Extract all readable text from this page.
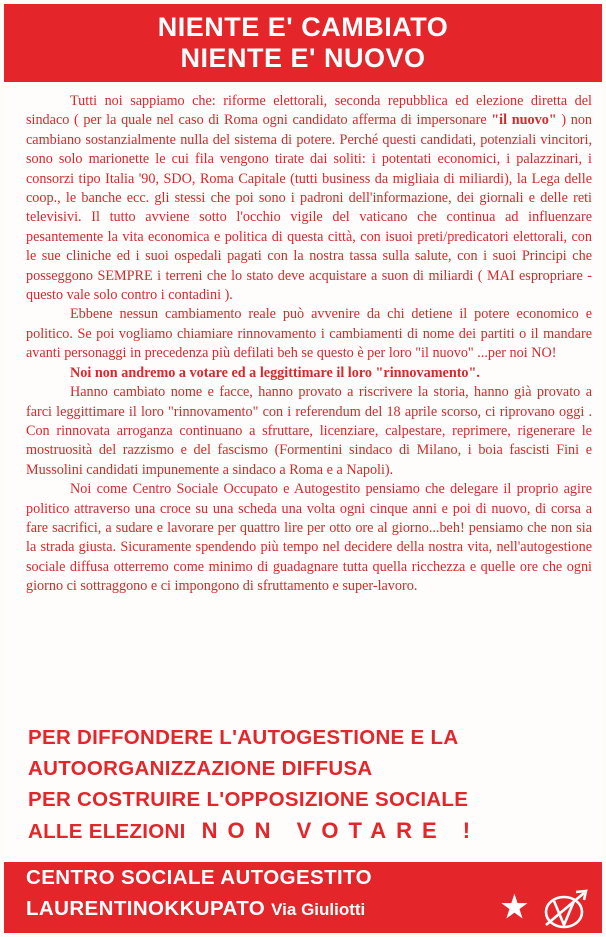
NIENTE E' CAMBIATO
NIENTE E' NUOVO

Tutti noi sappiamo che: riforme elettorali, seconda repubblica ed elezione diretta del sindaco ( per la quale nel caso di Roma ogni candidato afferma di impersonare "il nuovo" ) non cambiano sostanzialmente nulla del sistema di potere. Perché questi candidati, potenziali vincitori, sono solo marionette le cui fila vengono tirate dai soliti: i potentati economici, i palazzinari, i consorzi tipo Italia '90, SDO, Roma Capitale (tutti business da migliaia di miliardi), la Lega delle coop., le banche ecc. gli stessi che poi sono i padroni dell'informazione, dei giornali e delle reti televisivi. Il tutto avviene sotto l'occhio vigile del vaticano che continua ad influenzare pesantemente la vita economica e politica di questa città, con isuoi preti/predicatori elettorali, con le sue cliniche ed i suoi ospedali pagati con la nostra tassa sulla salute, con i suoi Principi che posseggono SEMPRE i terreni che lo stato deve acquistare a suon di miliardi ( MAI espropriare - questo vale solo contro i contadini ).

Ebbene nessun cambiamento reale può avvenire da chi detiene il potere economico e politico. Se poi vogliamo chiamiare rinnovamento i cambiamenti di nome dei partiti o il mandare avanti personaggi in precedenza più defilati beh se questo è per loro "il nuovo" ...per noi NO!

Noi non andremo a votare ed a leggittimare il loro "rinnovamento".

Hanno cambiato nome e facce, hanno provato a riscrivere la storia, hanno già provato a farci leggittimare il loro "rinnovamento" con i referendum del 18 aprile scorso, ci riprovano oggi . Con rinnovata arroganza continuano a sfruttare, licenziare, calpestare, reprimere, rigenerare le mostruosità del razzismo e del fascismo (Formentini sindaco di Milano, i boia fascisti Fini e Mussolini candidati impunemente a sindaco a Roma e a Napoli).

Noi come Centro Sociale Occupato e Autogestito pensiamo che delegare il proprio agire politico attraverso una croce su una scheda una volta ogni cinque anni e poi di nuovo, di corsa a fare sacrifici, a sudare e lavorare per quattro lire per otto ore al giorno...beh! pensiamo che non sia la strada giusta. Sicuramente spendendo più tempo nel decidere della nostra vita, nell'autogestione sociale diffusa otterremo come minimo di guadagnare tutta quella ricchezza e quelle ore che ogni giorno ci sottraggono e ci impongono di sfruttamento e super-lavoro.

PER DIFFONDERE L'AUTOGESTIONE E LA
AUTOORGANIZZAZIONE DIFFUSA
PER COSTRUIRE L'OPPOSIZIONE SOCIALE
ALLE ELEZIONI NON VOTARE !
CENTRO SOCIALE AUTOGESTITO
LAURENTINOKKUPATO Via Giuliotti	★
